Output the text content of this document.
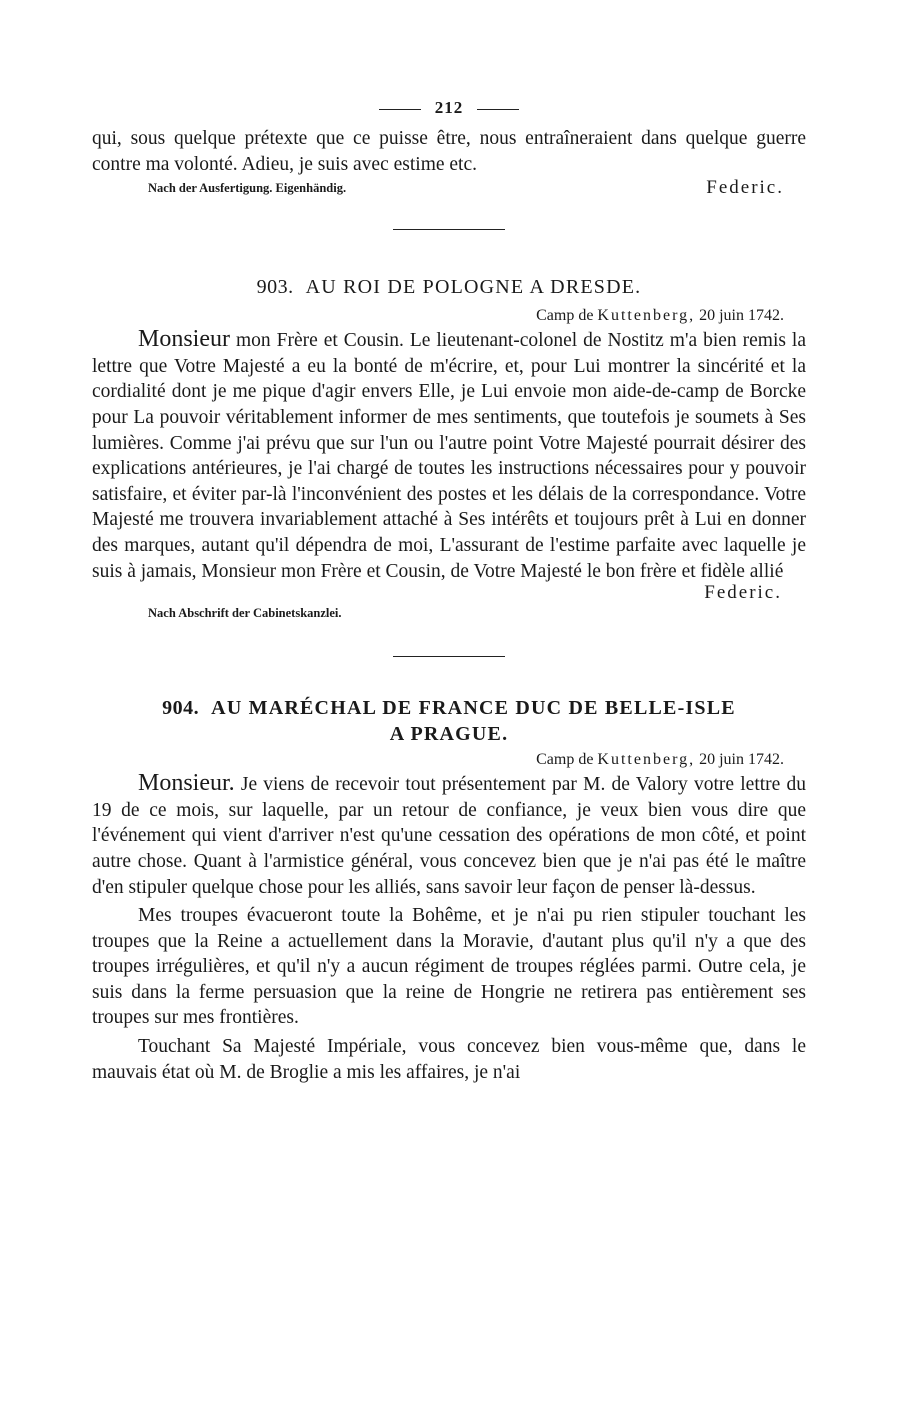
212

qui, sous quelque prétexte que ce puisse être, nous entraîneraient dans quelque guerre contre ma volonté. Adieu, je suis avec estime etc.

Nach der Ausfertigung. Eigenhändig.	Federic.

903. AU ROI DE POLOGNE A DRESDE.

Camp de Kuttenberg, 20 juin 1742.

Monsieur mon Frère et Cousin. Le lieutenant-colonel de Nostitz m'a bien remis la lettre que Votre Majesté a eu la bonté de m'écrire, et, pour Lui montrer la sincérité et la cordialité dont je me pique d'agir envers Elle, je Lui envoie mon aide-de-camp de Borcke pour La pouvoir véritablement informer de mes sentiments, que toutefois je soumets à Ses lumières. Comme j'ai prévu que sur l'un ou l'autre point Votre Majesté pourrait désirer des explications antérieures, je l'ai chargé de toutes les instructions nécessaires pour y pouvoir satisfaire, et éviter par-là l'inconvénient des postes et les délais de la correspondance. Votre Majesté me trouvera invariablement attaché à Ses intérêts et toujours prêt à Lui en donner des marques, autant qu'il dépendra de moi, L'assurant de l'estime parfaite avec laquelle je suis à jamais, Monsieur mon Frère et Cousin, de Votre Majesté le bon frère et fidèle allié

Federic.
Nach Abschrift der Cabinetskanzlei.

904. AU MARÉCHAL DE FRANCE DUC DE BELLE-ISLE
A PRAGUE.

Camp de Kuttenberg, 20 juin 1742.

Monsieur. Je viens de recevoir tout présentement par M. de Valory votre lettre du 19 de ce mois, sur laquelle, par un retour de confiance, je veux bien vous dire que l'événement qui vient d'arriver n'est qu'une cessation des opérations de mon côté, et point autre chose. Quant à l'armistice général, vous concevez bien que je n'ai pas été le maître d'en stipuler quelque chose pour les alliés, sans savoir leur façon de penser là-dessus.

Mes troupes évacueront toute la Bohême, et je n'ai pu rien stipuler touchant les troupes que la Reine a actuellement dans la Moravie, d'autant plus qu'il n'y a que des troupes irrégulières, et qu'il n'y a aucun régiment de troupes réglées parmi. Outre cela, je suis dans la ferme persuasion que la reine de Hongrie ne retirera pas entièrement ses troupes sur mes frontières.

Touchant Sa Majesté Impériale, vous concevez bien vous-même que, dans le mauvais état où M. de Broglie a mis les affaires, je n'ai
